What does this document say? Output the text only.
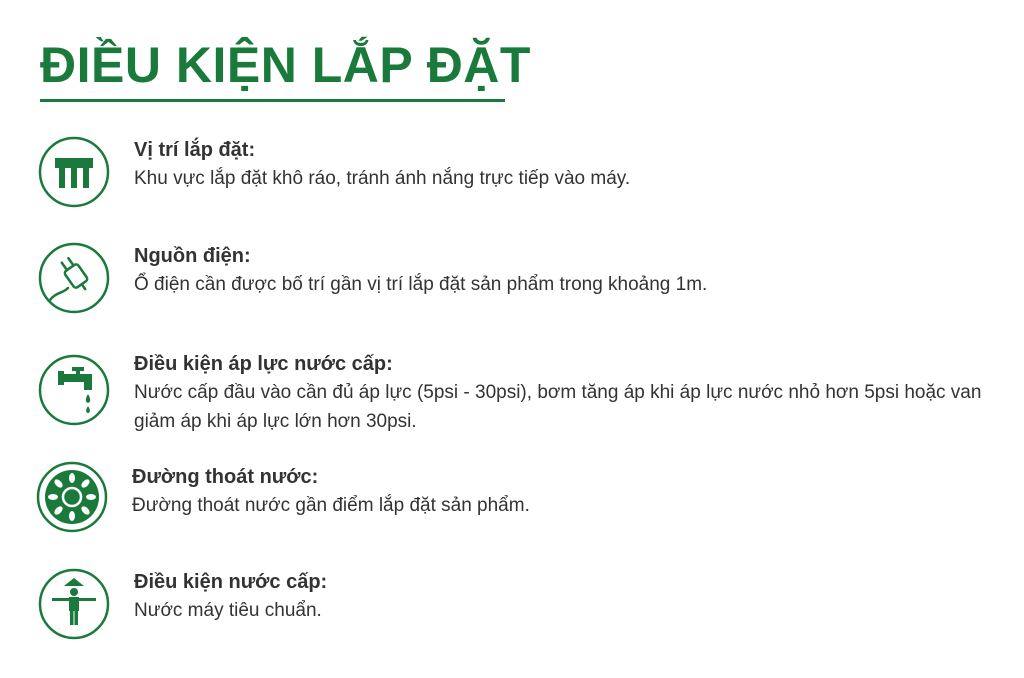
ĐIỀU KIỆN LẮP ĐẶT
Vị trí lắp đặt:
Khu vực lắp đặt khô ráo, tránh ánh nắng trực tiếp vào máy.
Nguồn điện:
Ổ điện cần được bố trí gần vị trí lắp đặt sản phẩm trong khoảng 1m.
Điều kiện áp lực nước cấp:
Nước cấp đầu vào cần đủ áp lực (5psi - 30psi), bơm tăng áp khi áp lực nước nhỏ hơn 5psi hoặc van giảm áp khi áp lực lớn hơn 30psi.
Đường thoát nước:
Đường thoát nước gần điểm lắp đặt sản phẩm.
Điều kiện nước cấp:
Nước máy tiêu chuẩn.
